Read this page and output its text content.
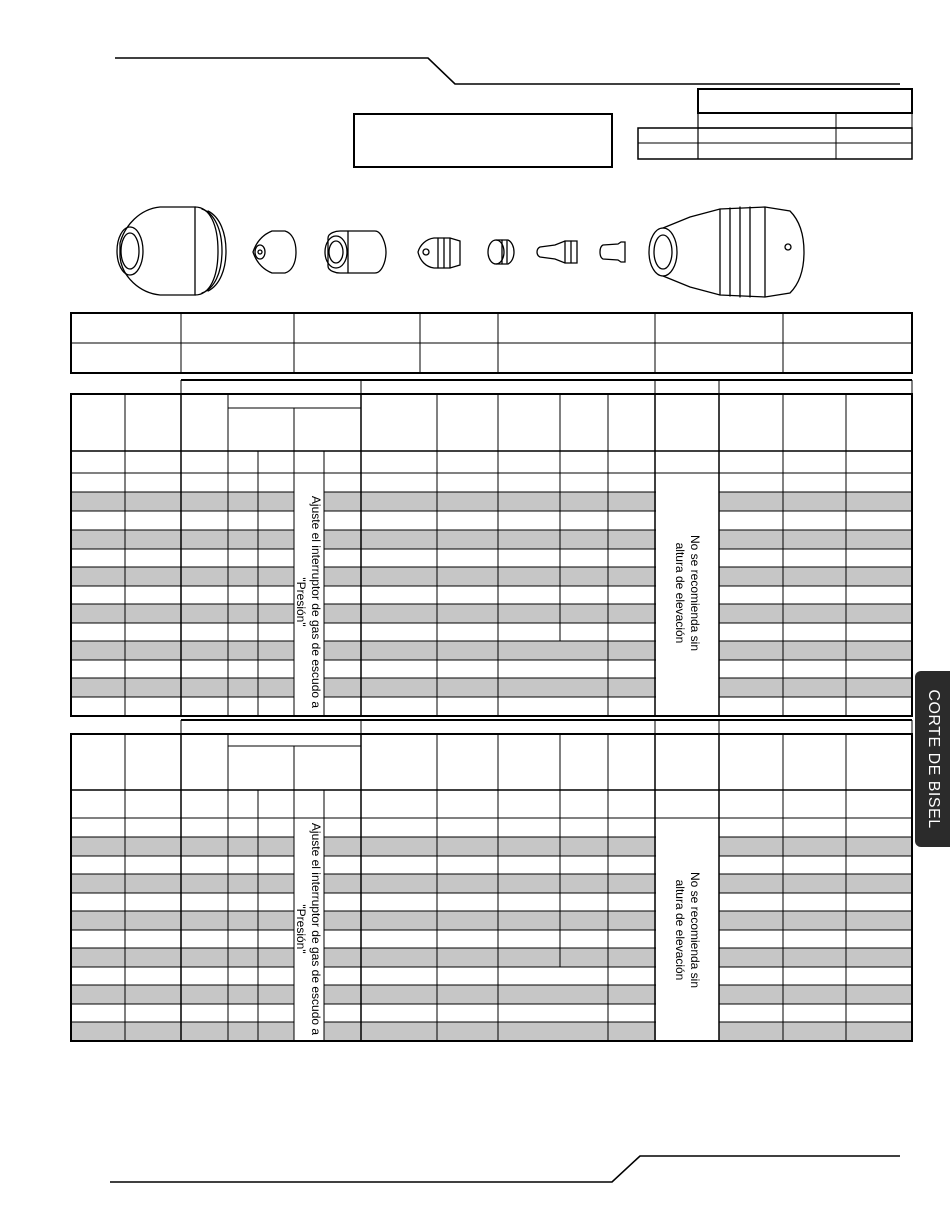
Ajuste el interruptor de gas de escudo a
"Presión"	No se recomienda sin
altura de elevación
Ajuste el interruptor de gas de escudo a
"Presión"	No se recomienda sin
altura de elevación
CORTE DE BISEL
